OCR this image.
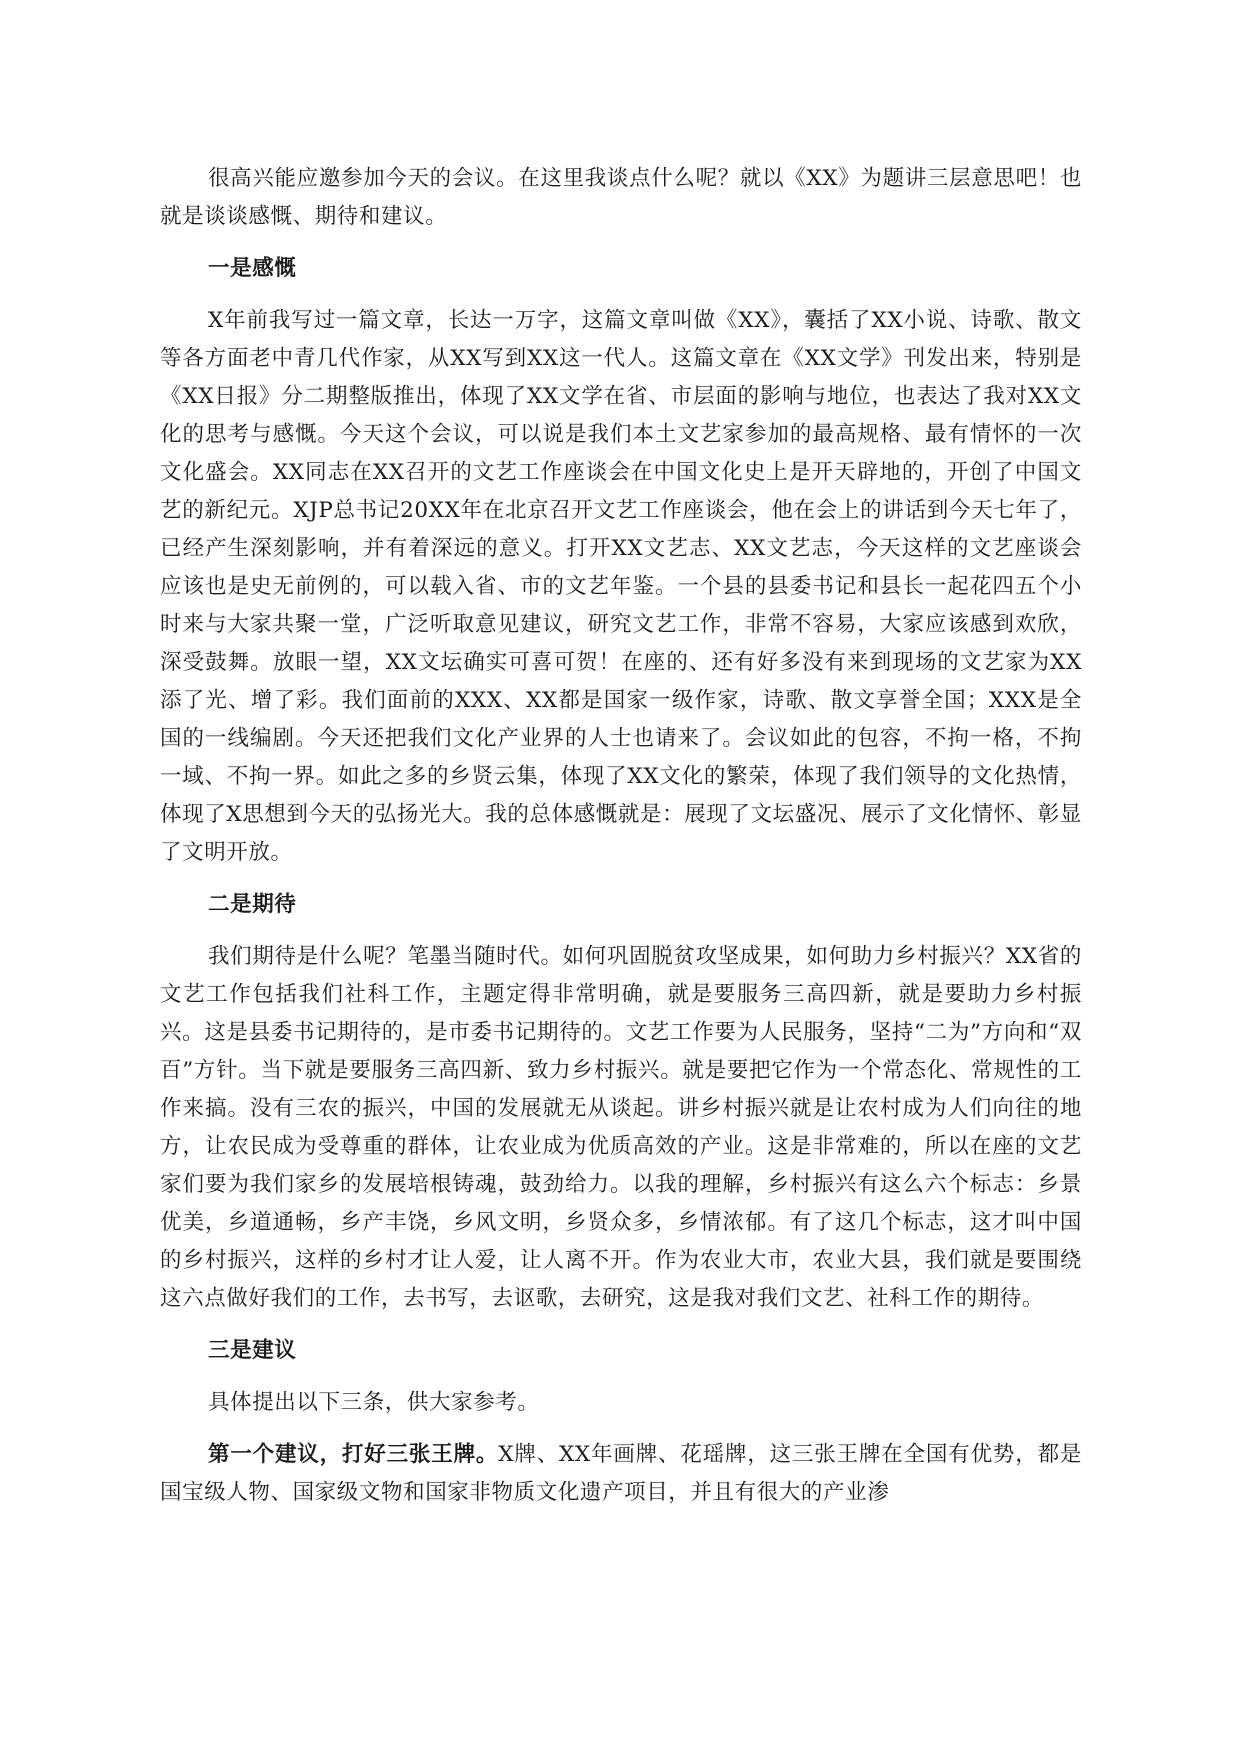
很高兴能应邀参加今天的会议。在这里我谈点什么呢？就以《XX》为题讲三层意思吧！也就是谈谈感慨、期待和建议。

一是感慨

X年前我写过一篇文章，长达一万字，这篇文章叫做《XX》，囊括了XX小说、诗歌、散文等各方面老中青几代作家，从XX写到XX这一代人。这篇文章在《XX文学》刊发出来，特别是《XX日报》分二期整版推出，体现了XX文学在省、市层面的影响与地位，也表达了我对XX文化的思考与感慨。今天这个会议，可以说是我们本土文艺家参加的最高规格、最有情怀的一次文化盛会。XX同志在XX召开的文艺工作座谈会在中国文化史上是开天辟地的，开创了中国文艺的新纪元。XJP总书记20XX年在北京召开文艺工作座谈会，他在会上的讲话到今天七年了，已经产生深刻影响，并有着深远的意义。打开XX文艺志、XX文艺志，今天这样的文艺座谈会应该也是史无前例的，可以载入省、市的文艺年鉴。一个县的县委书记和县长一起花四五个小时来与大家共聚一堂，广泛听取意见建议，研究文艺工作，非常不容易，大家应该感到欢欣，深受鼓舞。放眼一望，XX文坛确实可喜可贺！在座的、还有好多没有来到现场的文艺家为XX添了光、增了彩。我们面前的XXX、XX都是国家一级作家，诗歌、散文享誉全国；XXX是全国的一线编剧。今天还把我们文化产业界的人士也请来了。会议如此的包容，不拘一格，不拘一域、不拘一界。如此之多的乡贤云集，体现了XX文化的繁荣，体现了我们领导的文化热情，体现了X思想到今天的弘扬光大。我的总体感慨就是：展现了文坛盛况、展示了文化情怀、彰显了文明开放。

二是期待

我们期待是什么呢？笔墨当随时代。如何巩固脱贫攻坚成果，如何助力乡村振兴？XX省的文艺工作包括我们社科工作，主题定得非常明确，就是要服务三高四新，就是要助力乡村振兴。这是县委书记期待的，是市委书记期待的。文艺工作要为人民服务，坚持“二为”方向和“双百”方针。当下就是要服务三高四新、致力乡村振兴。就是要把它作为一个常态化、常规性的工作来搞。没有三农的振兴，中国的发展就无从谈起。讲乡村振兴就是让农村成为人们向往的地方，让农民成为受尊重的群体，让农业成为优质高效的产业。这是非常难的，所以在座的文艺家们要为我们家乡的发展培根铸魂，鼓劲给力。以我的理解，乡村振兴有这么六个标志：乡景优美，乡道通畅，乡产丰饶，乡风文明，乡贤众多，乡情浓郁。有了这几个标志，这才叫中国的乡村振兴，这样的乡村才让人爱，让人离不开。作为农业大市，农业大县，我们就是要围绕这六点做好我们的工作，去书写，去讴歌，去研究，这是我对我们文艺、社科工作的期待。

三是建议

具体提出以下三条，供大家参考。

第一个建议，打好三张王牌。X牌、XX年画牌、花瑶牌，这三张王牌在全国有优势，都是国宝级人物、国家级文物和国家非物质文化遗产项目，并且有很大的产业渗
